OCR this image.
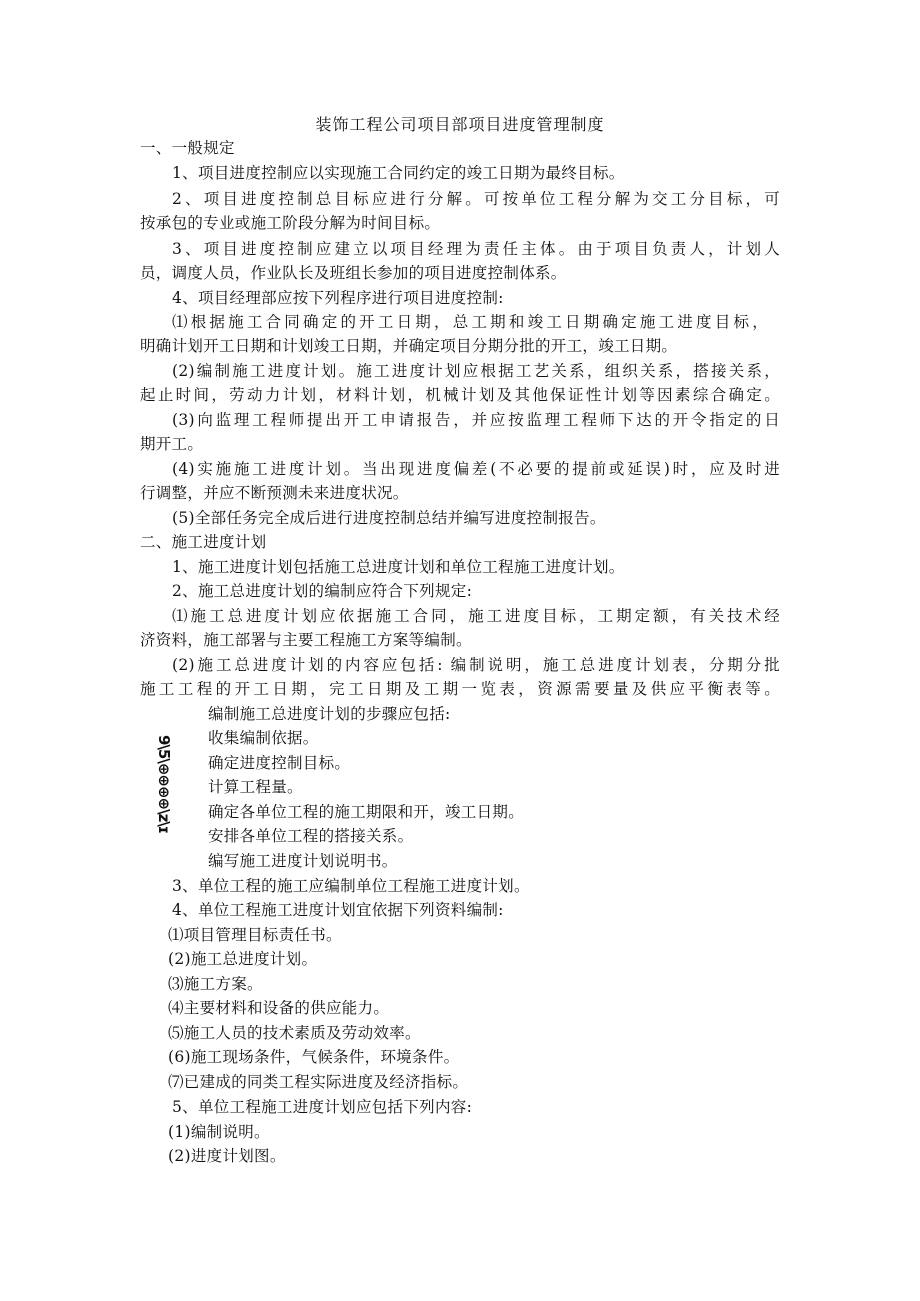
装饰工程公司项目部项目进度管理制度
一、一般规定
1、项目进度控制应以实现施工合同约定的竣工日期为最终目标。
2、项目进度控制总目标应进行分解。可按单位工程分解为交工分目标，可
按承包的专业或施工阶段分解为时间目标。
3、项目进度控制应建立以项目经理为责任主体。由于项目负责人，计划人
员，调度人员，作业队长及班组长参加的项目进度控制体系。
4、项目经理部应按下列程序进行项目进度控制:
⑴根据施工合同确定的开工日期，总工期和竣工日期确定施工进度目标，
明确计划开工日期和计划竣工日期，并确定项目分期分批的开工，竣工日期。
(2)编制施工进度计划。施工进度计划应根据工艺关系，组织关系，搭接关系，
起止时间，劳动力计划，材料计划，机械计划及其他保证性计划等因素综合确定。
(3)向监理工程师提出开工申请报告，并应按监理工程师下达的开令指定的日
期开工。
(4)实施施工进度计划。当出现进度偏差(不必要的提前或延误)时，应及时进
行调整，并应不断预测未来进度状况。
(5)全部任务完全成后进行进度控制总结并编写进度控制报告。
二、施工进度计划
1、施工进度计划包括施工总进度计划和单位工程施工进度计划。
2、施工总进度计划的编制应符合下列规定:
⑴施工总进度计划应依据施工合同，施工进度目标，工期定额，有关技术经
济资料，施工部署与主要工程施工方案等编制。
(2)施工总进度计划的内容应包括: 编制说明，施工总进度计划表，分期分批
施工工程的开工日期，完工日期及工期一览表，资源需要量及供应平衡表等。
编制施工总进度计划的步骤应包括:
9\5\⊕⊕⊕⊕\z\ɪ 收集编制依据。
确定进度控制目标。
计算工程量。
确定各单位工程的施工期限和开，竣工日期。
安排各单位工程的搭接关系。
编写施工进度计划说明书。
3、单位工程的施工应编制单位工程施工进度计划。
4、单位工程施工进度计划宜依据下列资料编制:
⑴项目管理目标责任书。
(2)施工总进度计划。
⑶施工方案。
⑷主要材料和设备的供应能力。
⑸施工人员的技术素质及劳动效率。
(6)施工现场条件，气候条件，环境条件。
⑺已建成的同类工程实际进度及经济指标。
5、单位工程施工进度计划应包括下列内容:
(1)编制说明。
(2)进度计划图。
